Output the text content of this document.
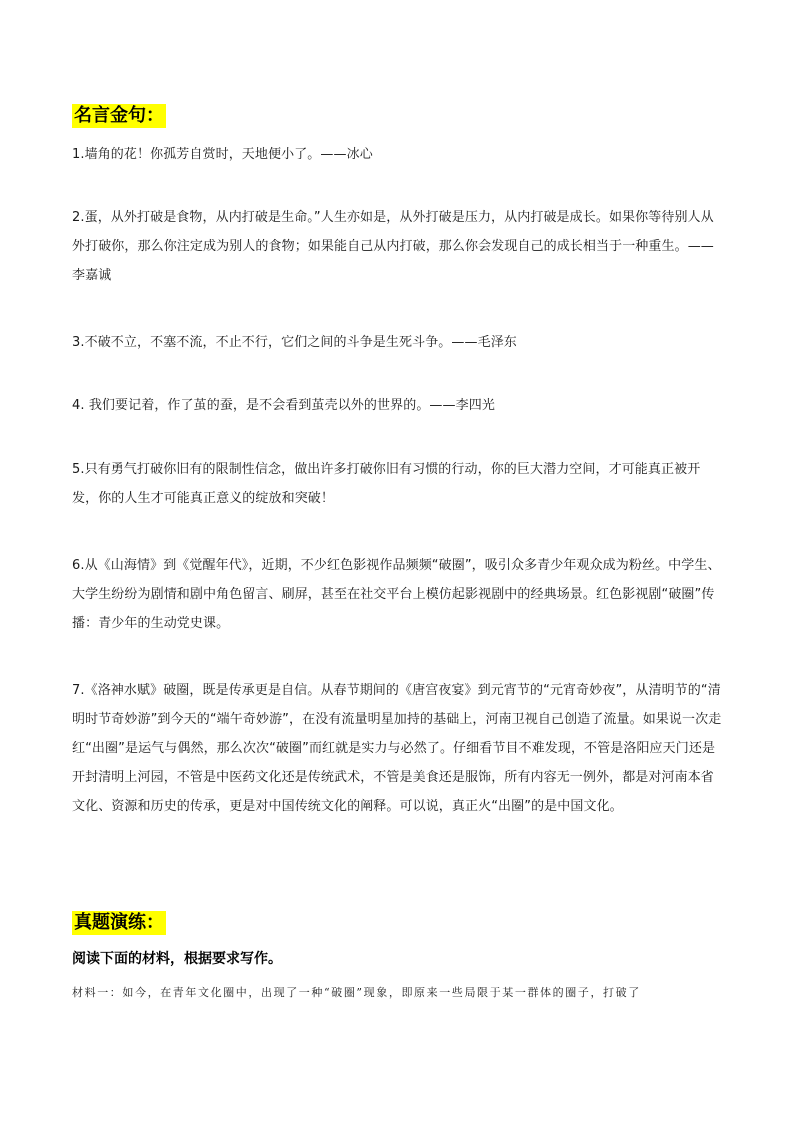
名言金句：

1.墙角的花！你孤芳自赏时，天地便小了。——冰心

2.蛋，从外打破是食物，从内打破是生命。”人生亦如是，从外打破是压力，从内打破是成长。如果你等待别人从外打破你，那么你注定成为别人的食物；如果能自己从内打破，那么你会发现自己的成长相当于一种重生。——李嘉诚

3.不破不立，不塞不流，不止不行，它们之间的斗争是生死斗争。——毛泽东

4. 我们要记着，作了茧的蚕，是不会看到茧壳以外的世界的。——李四光

5.只有勇气打破你旧有的限制性信念，做出许多打破你旧有习惯的行动，你的巨大潜力空间，才可能真正被开发，你的人生才可能真正意义的绽放和突破！

6.从《山海情》到《觉醒年代》，近期，不少红色影视作品频频“破圈”，吸引众多青少年观众成为粉丝。中学生、大学生纷纷为剧情和剧中角色留言、刷屏，甚至在社交平台上模仿起影视剧中的经典场景。红色影视剧“破圈”传播：青少年的生动党史课。

7.《洛神水赋》破圈，既是传承更是自信。从春节期间的《唐宫夜宴》到元宵节的“元宵奇妙夜”，从清明节的“清明时节奇妙游”到今天的“端午奇妙游”，在没有流量明星加持的基础上，河南卫视自己创造了流量。如果说一次走红“出圈”是运气与偶然，那么次次“破圈”而红就是实力与必然了。仔细看节目不难发现，不管是洛阳应天门还是开封清明上河园，不管是中医药文化还是传统武术，不管是美食还是服饰，所有内容无一例外，都是对河南本省文化、资源和历史的传承，更是对中国传统文化的阐释。可以说，真正火“出圈”的是中国文化。

真题演练：
阅读下面的材料，根据要求写作。
材料一：如今，在青年文化圈中，出现了一种“破圈”现象，即原来一些局限于某一群体的圈子，打破了
